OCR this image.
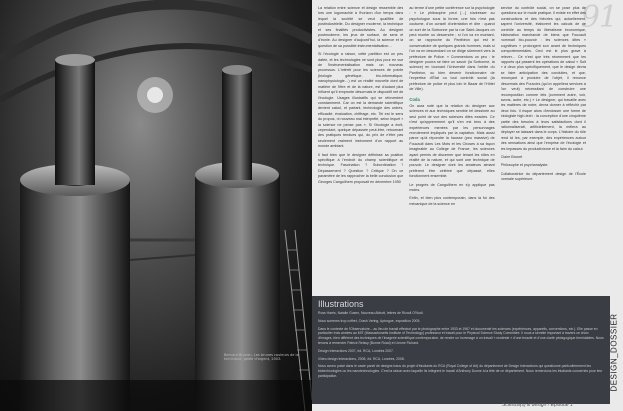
Bernard Brunon, Les brunes couleurs de la technique, gelée d'argent, 2003.
91

La relation entre science et design ressemble des lors une logomachie à l'horizon d'un temps dans lequel la société se veut qualifiée de postindustrielle. Du designer moderne, la technique et ses finalités productivistes. Au designer postmoderne, les jeux de surface, de sens et d'ironie. Au designer d'aujourd'hui, la science et la question de sa possible instrumentalisation…

Si l'écologie a raison, cette partition est un peu datée, et les technologies ne sont plus pour en vue de l'instrumentalisation mais un nouveau processus. L'intérêt pour les sciences de pointe (biologie génétique, bio-informatique, nanophysiologie…) est un réalité nouvelle dont de matière de l'être et de la nature, est d'autant plus influent qu'il emprunte désormais le dispositif net de l'écologie. Usages illustratifs qui se réinventent constamment. Car on est la demande scientifique devient calcul, et partant, technologie des ordres, efficacité, évaluation, chiffrage, etc. Tel est le sens du propos, ni nouveau mal interprété, selon lequel « la science ne pense pas ». Si l'écologie a écrit, cependant, quelque dépassée peut-être, retournant des pratiques tendues qui, du prix de n'être pas seulement vraiment instrument d'un rapport au monde ambiant.

Il faut bien que le designer définisse sa position spécifique à l'endroit du champ scientifique et technique. Fascination ? Subordination ? Dépassement ? Question ? Critique ? On ce paramètre de les rapprocher la belle conclusion que Georges Canguilhem proposait en décembre 1950

au terme d'une petite conférence sur la psychologie : « Le philosophe peut […] s'adresser au psychologue sous la forme, une fois n'est pas coutume, d'un conseil d'orientation et dire : quand on sort de la Sorbonne par la rue Saint-Jacques on peut monter ou descendre ; si l'on va en montant, on se rapproche du Panthéon qui est le conservatoire de quelques grands hommes, mais si l'on va en descendant on se dirige sûrement vers la préfecture de Police. » Commentons un peu : le designer pourra se faire un savoir (la Sorbonne, la science) en tournant l'Université dans l'orbite du Panthéon, ou bien devenir fonctionnaire de l'expertise d'État ou tout contrôle social (la préfecture de police et plus loin le Bazar de l'Hôtel de Ville).

Coda

On aura noté que la relation du designer aux sciences et aux techniques semble tel dessinée au seul point de vue des sciences dites exactes. Ce n'est qu'appremment qu'il s'en est tenu à des expériences menées par les personnages recrutement impliqués par la captation. Mais aussi parce qu'à répondre la hausse (peu massive) de Foucault dans Les Mots et les Choses à sa façon imaginable au College de France, les sciences ayant permis de discerner que tenant les rôles en réalité de la nature, et qui sont une technique de pouvoir. Le designer dont les amateurs aimant préfèrent être célébré que dépassé, elles fonctionnent ensemble.

Le progrès de Canguilhem en s'y applique pas moins.

Enfin, et bien plus contemporain, dans la foi des mécanique de la science en

service du contrôle social, on se pose plus de questions sur le mode pratique. Il existe en effet des constructions et des théories qui, actuellement, sapent l'université, élaborent les calculs de ce contrôle au temps du libéralisme économique, élaboration marchande de biens que Foucault nommait bio-pouvoir : les sciences dites « cognitives » prolongent son avant de techniques comportementales. Ceci est le plus grave à relever… Ce n'est que très récemment que les rapports qui passent les opérations de calcul « Soit » à deux plus spécifiquement, que le design devra se faire anticipation des conduites, et que, renonçant à produire de l'objet, il renonce désormais des Pouvoirs (qu'on appellera services à l'on veut) nécessitant de construire une recomposition comme tels (comment autre, voir, avons, autre, etc.) » Le designer, qui travaille avec les matières de notre, devra donner à réfléchir par deux fois. Il risque alors d'endosser une forme de biologiste high-tech : la conception d'une cinquième partie des besoins à leurs satisfactions dont il rationnaliserait, artificiellement, la mêlera au déployer se laissant dans le corps. L'histoire du rôle rend ici les, par exemple, des expériences autour des sensations ainsi que l'emprise de l'écologie et les impasses du productivisme et la faim du calcul.

Claire Brunet

Philosophe et psychanalyste.

Collaboratrice du département design de l'École normale supérieure.

Illustrations

Ross Harris, Natalie Gusen, Nouveau Abbott, lettres de Rizodi O'Nudi.

Nous sommes trop coffret, Crash Vering, Aptorgue, exposition 2005.

Dans le contexte de l'Observatoire... au lieu de travail effectué par le photographe entre 1933 et 1967 et documenté les sciences (expériences, appareils, conventions, etc.). Elle passe en particulier trois années au MIT (Massachusetts Institute of Technology) professeur et travail pour le Physical Science Study Committee. Il nous a semblé important à travers ce choix d'images, bien différent des techniques de l'imagerie scientifique contemporaine, de rendre un hommage à un travail « modeste » d'une beauté et d'une clarté pédagogique formidables. Nous tenons à remercier Patrick Reissy (Bonne Road) et Lienne Fluhard.

Design Interactions 2007, éd. RCA, Londres 2007.

Video design Interactions, 2008, éd. RCA, Londres, 2008.

Nous avons puisé dans le vaste panel de designs issus du projet d'étudiants du RCA (Royal College of Art) du département de Design Interactions qui questionne particulièrement les biotechnologies ou les nanotechnologies. C'est la raison avec laquelle ils intègrent le travail d'Anthony Dunne à la tête de ce département. Nous remercions les étudiants concernés pour leur participation.	DESIGN_DOSSIER
Scienza(s) & design / Episode 1
